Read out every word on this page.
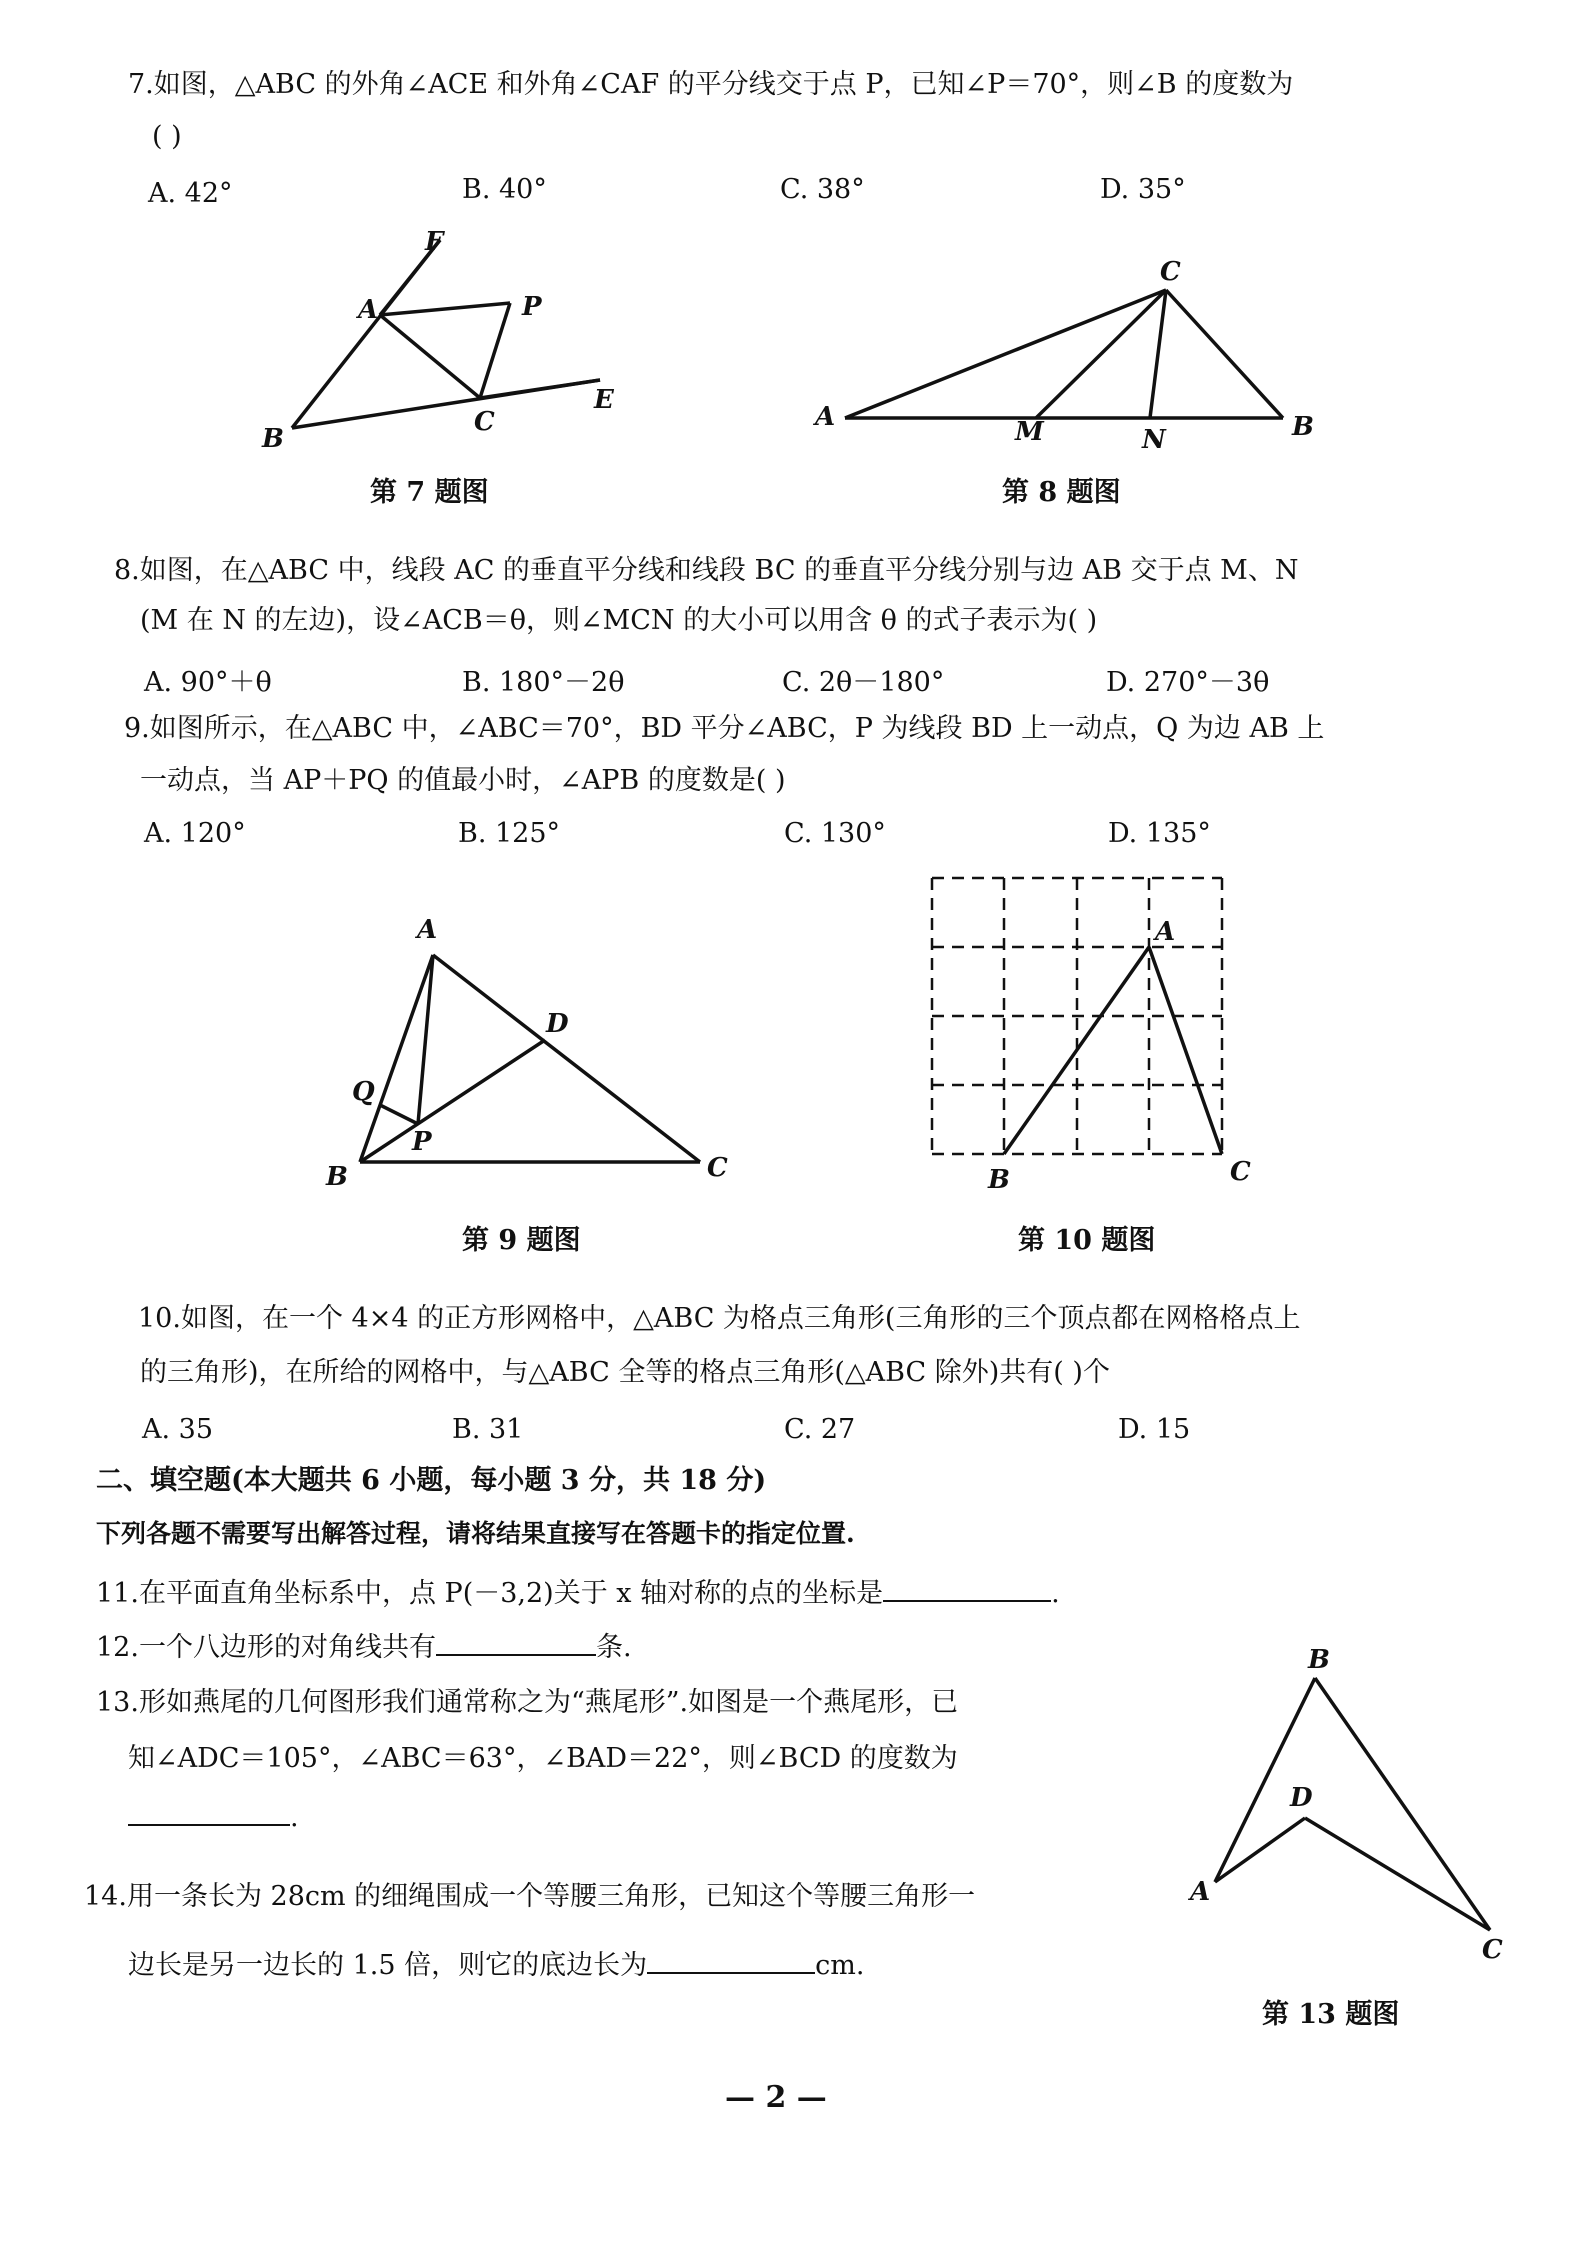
7.如图，△ABC 的外角∠ACE 和外角∠CAF 的平分线交于点 P，已知∠P＝70°，则∠B 的度数为
( )
A. 42°	B. 40°	C. 38°	D. 35°
F
A	P
B
C
E
C
A	M	N	B
第 7 题图	第 8 题图
8.如图，在△ABC 中，线段 AC 的垂直平分线和线段 BC 的垂直平分线分别与边 AB 交于点 M、N
(M 在 N 的左边)，设∠ACB＝θ，则∠MCN 的大小可以用含 θ 的式子表示为( )
A. 90°＋θ	B. 180°－2θ	C. 2θ－180°	D. 270°－3θ
9.如图所示，在△ABC 中，∠ABC＝70°，BD 平分∠ABC，P 为线段 BD 上一动点，Q 为边 AB 上
一动点，当 AP＋PQ 的值最小时，∠APB 的度数是( )
A. 120°	B. 125°	C. 130°	D. 135°
A
D
Q
P
B	C
A
B	C
第 9 题图	第 10 题图
10.如图，在一个 4×4 的正方形网格中，△ABC 为格点三角形(三角形的三个顶点都在网格格点上
的三角形)，在所给的网格中，与△ABC 全等的格点三角形(△ABC 除外)共有( )个
A. 35	B. 31	C. 27	D. 15
二、填空题(本大题共 6 小题，每小题 3 分，共 18 分)
下列各题不需要写出解答过程，请将结果直接写在答题卡的指定位置.
11.在平面直角坐标系中，点 P(－3,2)关于 x 轴对称的点的坐标是	.
12.一个八边形的对角线共有	条.
13.形如燕尾的几何图形我们通常称之为“燕尾形”.如图是一个燕尾形，已
知∠ADC＝105°，∠ABC＝63°，∠BAD＝22°，则∠BCD 的度数为
.
B
D
A
C
14.用一条长为 28cm 的细绳围成一个等腰三角形，已知这个等腰三角形一
边长是另一边长的 1.5 倍，则它的底边长为	cm.
第 13 题图
— 2 —
